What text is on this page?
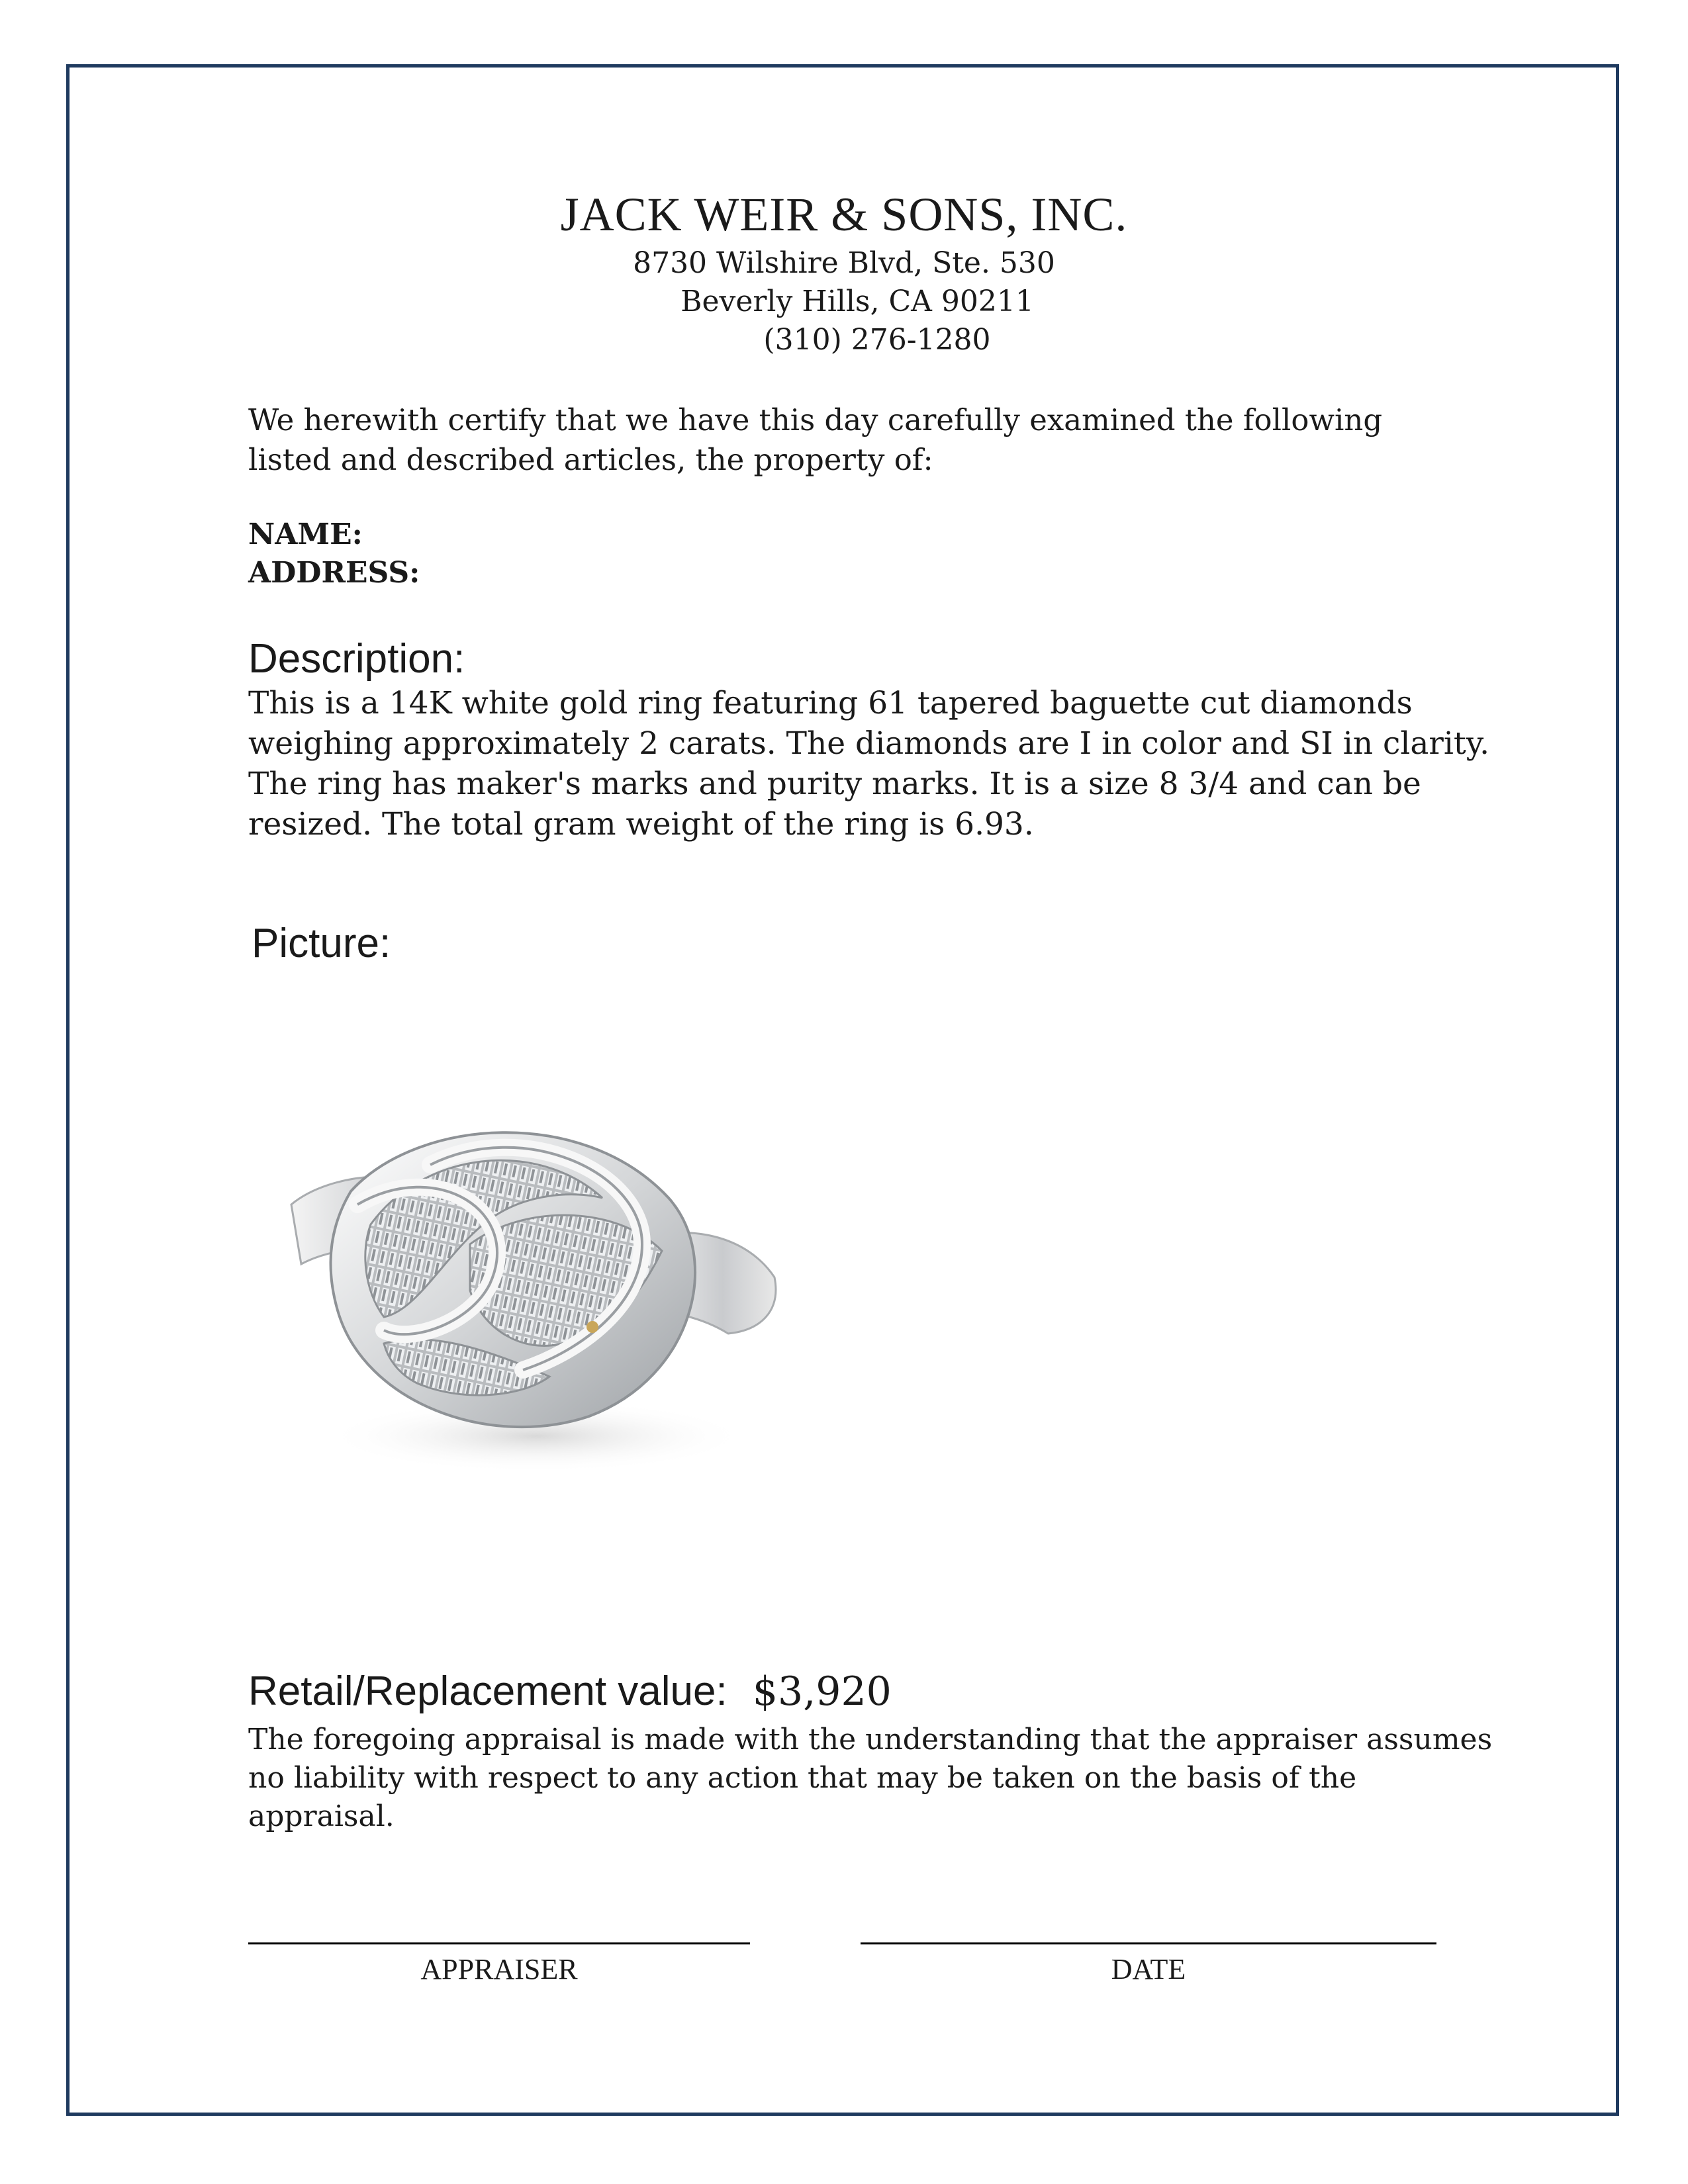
JACK WEIR & SONS, INC.
8730 Wilshire Blvd, Ste. 530
Beverly Hills, CA 90211
(310) 276-1280

We herewith certify that we have this day carefully examined the following listed and described articles, the property of:

NAME:
ADDRESS:
Description:

This is a 14K white gold ring featuring 61 tapered baguette cut diamonds weighing approximately 2 carats. The diamonds are I in color and SI in clarity. The ring has maker's marks and purity marks. It is a size 8 3/4 and can be resized. The total gram weight of the ring is 6.93.

Picture:
Retail/Replacement value: $3,920

The foregoing appraisal is made with the understanding that the appraiser assumes no liability with respect to any action that may be taken on the basis of the appraisal.

APPRAISER	DATE
